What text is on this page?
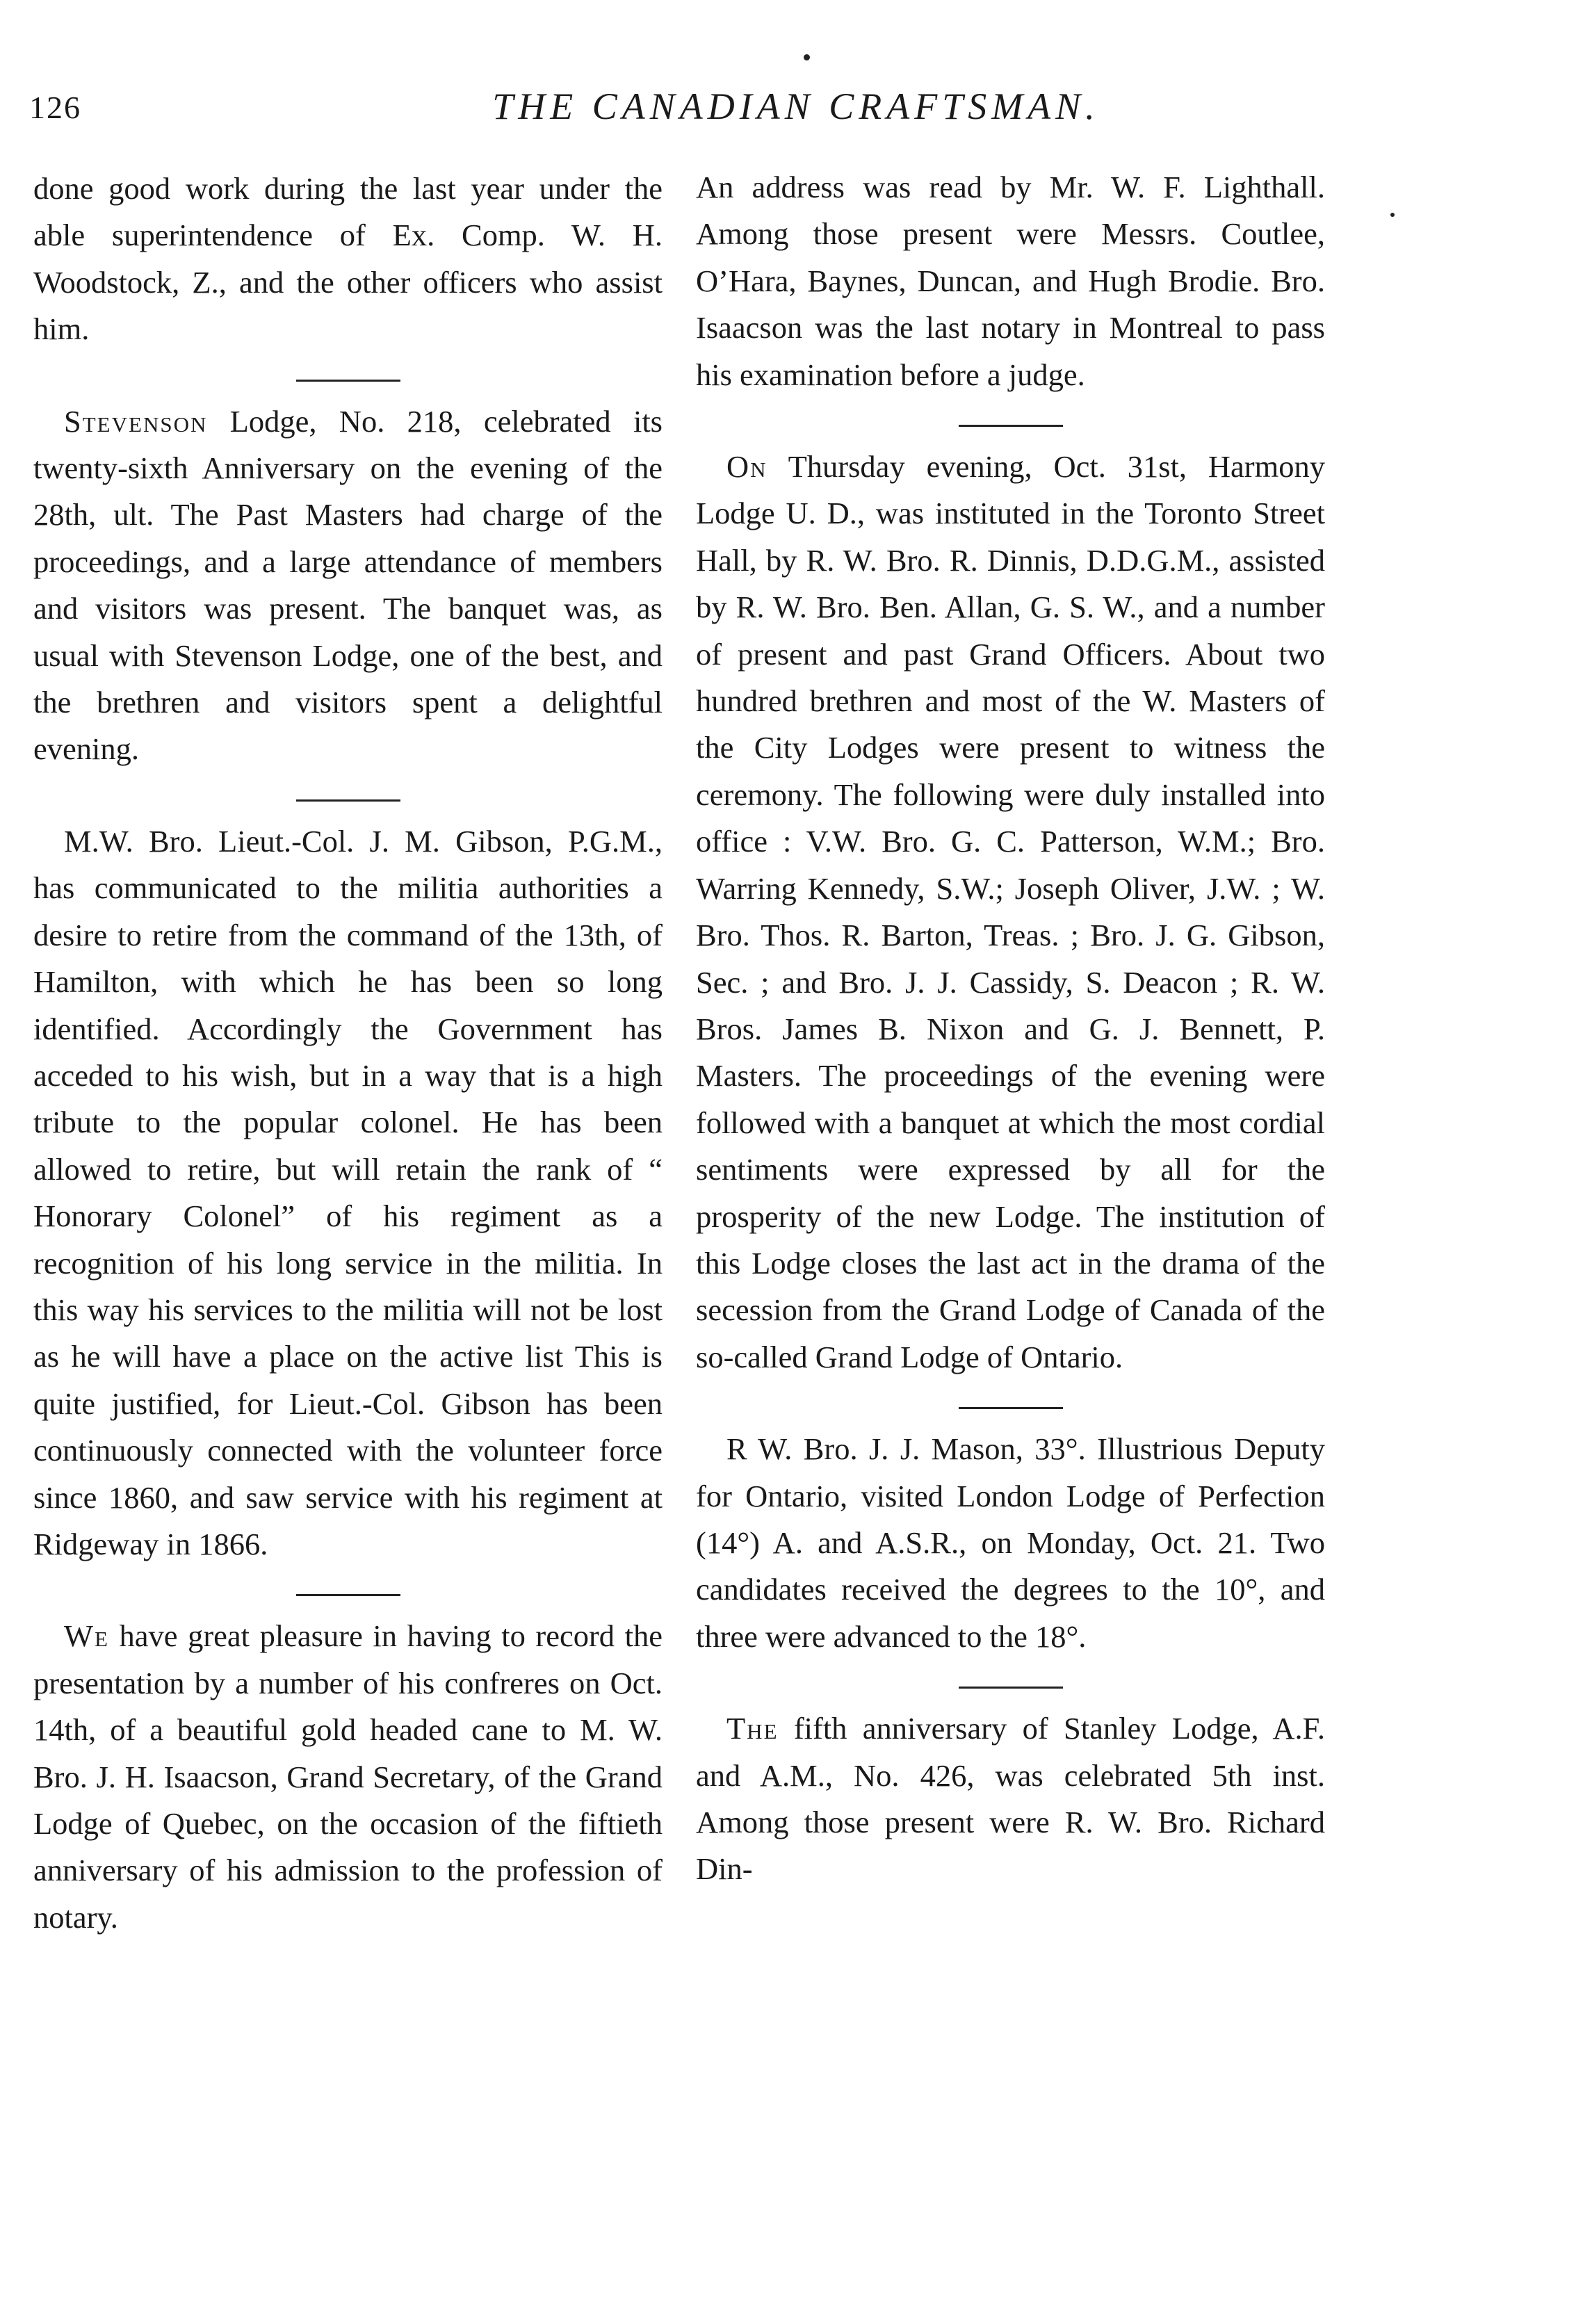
126	THE CANADIAN CRAFTSMAN.

done good work during the last year under the able superintendence of Ex. Comp. W. H. Woodstock, Z., and the other officers who assist him.

Stevenson Lodge, No. 218, celebrated its twenty-sixth Anniversary on the evening of the 28th, ult. The Past Masters had charge of the proceedings, and a large attendance of members and visitors was present. The banquet was, as usual with Stevenson Lodge, one of the best, and the brethren and visitors spent a delightful evening.

M.W. Bro. Lieut.-Col. J. M. Gibson, P.G.M., has communicated to the militia authorities a desire to retire from the command of the 13th, of Hamilton, with which he has been so long identified. Accordingly the Government has acceded to his wish, but in a way that is a high tribute to the popular colonel. He has been allowed to retire, but will retain the rank of “ Honorary Colonel” of his regiment as a recognition of his long service in the militia. In this way his services to the militia will not be lost as he will have a place on the active list This is quite justified, for Lieut.-Col. Gibson has been continuously connected with the volunteer force since 1860, and saw service with his regiment at Ridgeway in 1866.

We have great pleasure in having to record the presentation by a number of his confreres on Oct. 14th, of a beautiful gold headed cane to M. W. Bro. J. H. Isaacson, Grand Secretary, of the Grand Lodge of Quebec, on the occasion of the fiftieth anniversary of his admission to the profession of notary.

An address was read by Mr. W. F. Lighthall. Among those present were Messrs. Coutlee, O’Hara, Baynes, Duncan, and Hugh Brodie. Bro. Isaacson was the last notary in Montreal to pass his examination before a judge.

On Thursday evening, Oct. 31st, Harmony Lodge U. D., was instituted in the Toronto Street Hall, by R. W. Bro. R. Dinnis, D.D.G.M., assisted by R. W. Bro. Ben. Allan, G. S. W., and a number of present and past Grand Officers. About two hundred brethren and most of the W. Masters of the City Lodges were present to witness the ceremony. The following were duly installed into office : V.W. Bro. G. C. Patterson, W.M.; Bro. Warring Kennedy, S.W.; Joseph Oliver, J.W. ; W. Bro. Thos. R. Barton, Treas. ; Bro. J. G. Gibson, Sec. ; and Bro. J. J. Cassidy, S. Deacon ; R. W. Bros. James B. Nixon and G. J. Bennett, P. Masters. The proceedings of the evening were followed with a banquet at which the most cordial sentiments were expressed by all for the prosperity of the new Lodge. The institution of this Lodge closes the last act in the drama of the secession from the Grand Lodge of Canada of the so-called Grand Lodge of Ontario.

R W. Bro. J. J. Mason, 33°. Illustrious Deputy for Ontario, visited London Lodge of Perfection (14°) A. and A.S.R., on Monday, Oct. 21. Two candidates received the degrees to the 10°, and three were advanced to the 18°.

The fifth anniversary of Stanley Lodge, A.F. and A.M., No. 426, was celebrated 5th inst. Among those present were R. W. Bro. Richard Din-
